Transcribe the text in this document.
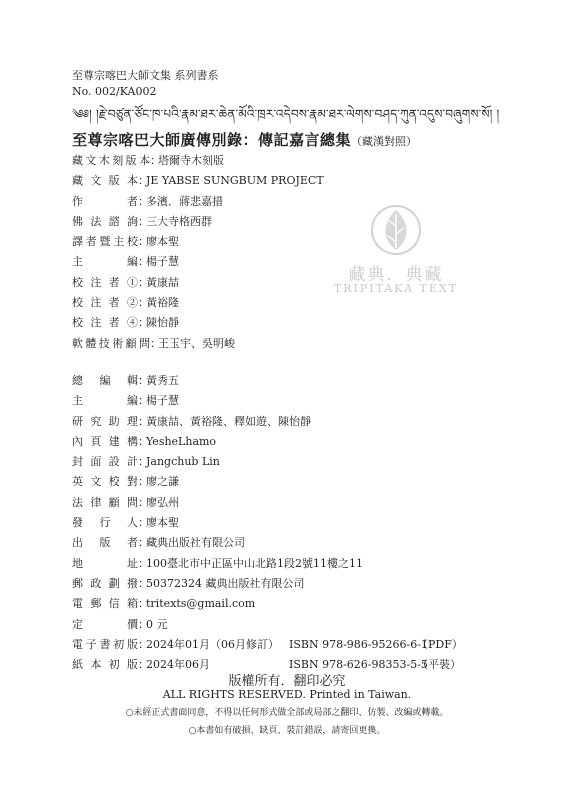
至尊宗喀巴大師文集 系列書系
No. 002/KA002
༄༅། །རྗེ་བཙུན་ཙོང་ཁ་པའི་རྣམ་ཐར་ཆེན་མོའི་ཁྲར་འདེབས་རྣམ་ཐར་ལེགས་བཤད་ཀུན་འདུས་བཞུགས་སོ། །
至尊宗喀巴大師廣傳別錄：傳記嘉言總集（藏漢對照）
藏文木刻版本：塔爾寺木刻版
藏文版本：JE YABSE SUNGBUM PROJECT
作者：多濱．蔣悲嘉措
佛法諮詢：三大寺格西群
譯者暨主校：廖本聖
主編：楊子慧
校注者①：黃康喆
校注者②：黃裕隆
校注者④：陳怡靜
軟體技術顧問：王玉宇、吳明峻
藏典．典藏
TRIPITAKA TEXT
總編輯：黃秀五
主編：楊子慧
研究助理：黃康喆、黃裕隆、釋如遊、陳怡靜
內頁建構：YesheLhamo
封面設計：Jangchub Lin
英文校對：廖之謙
法律顧問：廖弘州
發行人：廖本聖
出版者：藏典出版社有限公司
地址：100臺北市中正區中山北路1段2號11樓之11
郵政劃撥：50372324 藏典出版社有限公司
電郵信箱：tritexts@gmail.com
定價：0 元
電子書初版：2024年01月（06月修訂） ISBN 978-986-95266-6-1
（PDF）
紙本初版：2024年06月	ISBN 978-626-98353-5-5
（平裝）
版權所有．翻印必究
ALL RIGHTS RESERVED. Printed in Taiwan.
○未經正式書面同意，不得以任何形式做全部或局部之翻印、仿製、改編或轉載。
○本書如有破損、缺頁、裝訂錯誤，請寄回更換。
